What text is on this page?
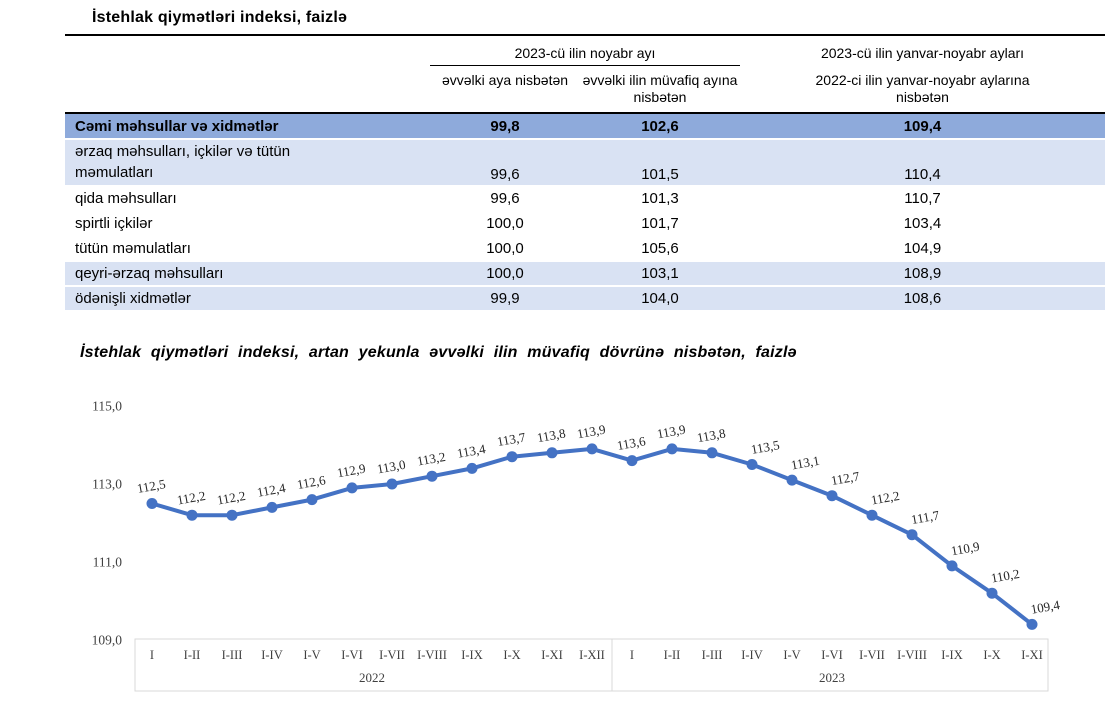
İstehlak qiymətləri indeksi, faizlə
2023-cü ilin noyabr ayı	2023-cü ilin yanvar-noyabr ayları
əvvəlki aya nisbətən	əvvəlki ilin müvafiq ayına nisbətən
2022-ci ilin yanvar-noyabr aylarına nisbətən
Cəmi məhsullar və xidmətlər	99,8	102,6	109,4
ərzaq məhsulları, içkilər və tütün məmulatları	99,6	101,5	110,4
qida məhsulları	99,6	101,3	110,7
spirtli içkilər	100,0	101,7	103,4
tütün məmulatları	100,0	105,6	104,9
qeyri-ərzaq məhsulları	100,0	103,1	108,9
ödənişli xidmətlər	99,9	104,0	108,6
İstehlak qiymətləri indeksi, artan yekunla əvvəlki ilin müvafiq dövrünə nisbətən, faizlə
115,0
113,0
111,0
109,0
I I-II I-III I-IV I-V I-VI I-VII I-VIII I-IX I-X I-XI I-XII
2022
I I-II I-III I-IV I-V I-VI I-VII I-VIII I-IX I-X I-XI
2023
112,5
112,2 112,2 112,4 112,6
112,9 113,0 113,2 113,4
113,7 113,8 113,9
113,6
113,9 113,8
113,5
113,1
112,7
112,2
111,7
110,9
110,2
109,4
